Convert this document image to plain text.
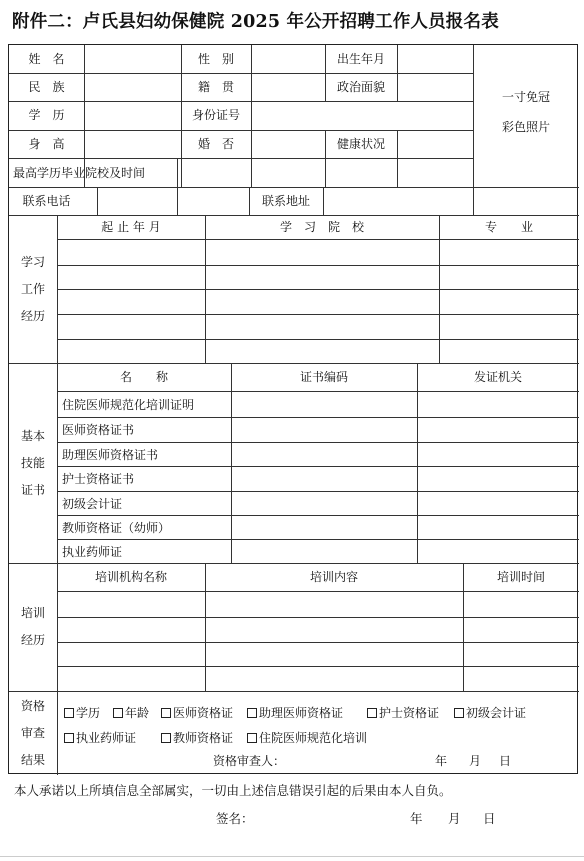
附件二：卢氏县妇幼保健院 2025 年公开招聘工作人员报名表
姓　名	性　别	出生年月
民　族	籍　贯	政治面貌
学　历	身份证号
身　高	婚　否	健康状况
一寸免冠
彩色照片
最高学历毕业院校及时间
联系电话	联系地址
学习
工作
经历
起 止 年 月	学　习　院　校	专　　业
基本
技能
证书
名　　称	证书编码	发证机关
住院医师规范化培训证明
医师资格证书
助理医师资格证书
护士资格证书
初级会计证
教师资格证（幼师）
执业药师证
培训
经历
培训机构名称	培训内容	培训时间
资格
审查
结果
学历 年龄 医师资格证 助理医师资格证	护士资格证 初级会计证
执业药师证	教师资格证 住院医师规范化培训
资格审查人：	年 月 日
本人承诺以上所填信息全部属实，一切由上述信息错误引起的后果由本人自负。
签名：	年 月 日
